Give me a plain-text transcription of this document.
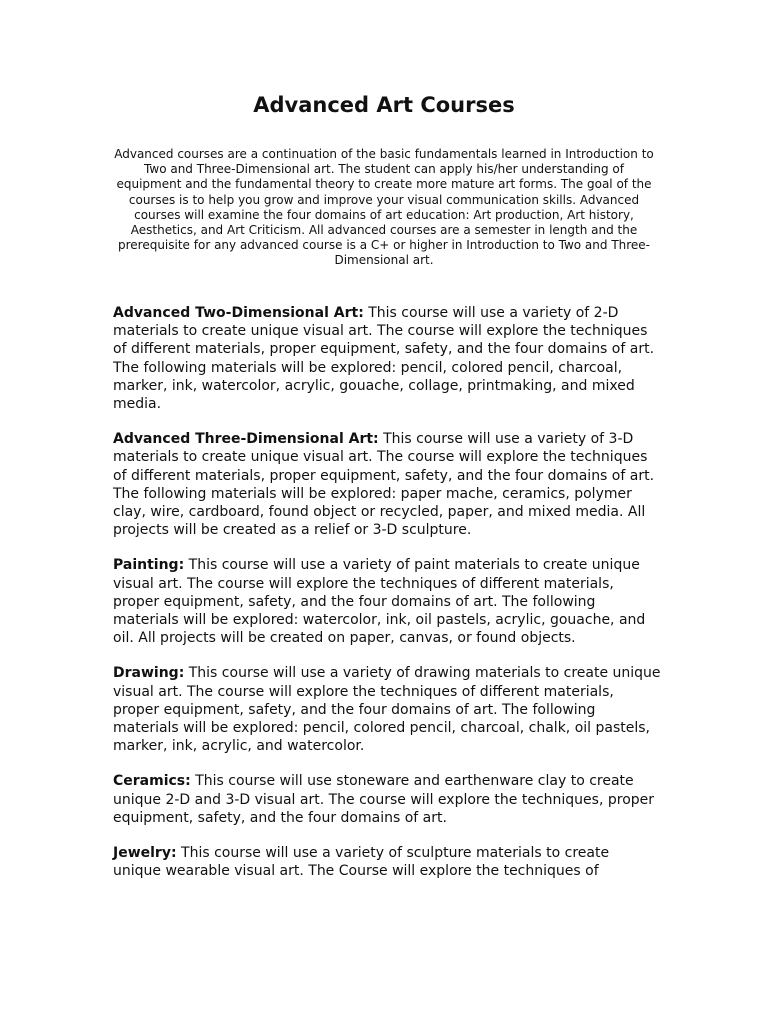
Advanced Art Courses

Advanced courses are a continuation of the basic fundamentals learned in Introduction to Two and Three-Dimensional art. The student can apply his/her understanding of equipment and the fundamental theory to create more mature art forms. The goal of the courses is to help you grow and improve your visual communication skills. Advanced courses will examine the four domains of art education: Art production, Art history, Aesthetics, and Art Criticism. All advanced courses are a semester in length and the prerequisite for any advanced course is a C+ or higher in Introduction to Two and Three-Dimensional art.

Advanced Two-Dimensional Art: This course will use a variety of 2-D materials to create unique visual art. The course will explore the techniques of different materials, proper equipment, safety, and the four domains of art. The following materials will be explored: pencil, colored pencil, charcoal, marker, ink, watercolor, acrylic, gouache, collage, printmaking, and mixed media.

Advanced Three-Dimensional Art: This course will use a variety of 3-D materials to create unique visual art. The course will explore the techniques of different materials, proper equipment, safety, and the four domains of art. The following materials will be explored: paper mache, ceramics, polymer clay, wire, cardboard, found object or recycled, paper, and mixed media. All projects will be created as a relief or 3-D sculpture.

Painting: This course will use a variety of paint materials to create unique visual art. The course will explore the techniques of different materials, proper equipment, safety, and the four domains of art. The following materials will be explored: watercolor, ink, oil pastels, acrylic, gouache, and oil. All projects will be created on paper, canvas, or found objects.

Drawing: This course will use a variety of drawing materials to create unique visual art. The course will explore the techniques of different materials, proper equipment, safety, and the four domains of art. The following materials will be explored: pencil, colored pencil, charcoal, chalk, oil pastels, marker, ink, acrylic, and watercolor.

Ceramics: This course will use stoneware and earthenware clay to create unique 2-D and 3-D visual art. The course will explore the techniques, proper equipment, safety, and the four domains of art.

Jewelry: This course will use a variety of sculpture materials to create unique wearable visual art. The Course will explore the techniques of
